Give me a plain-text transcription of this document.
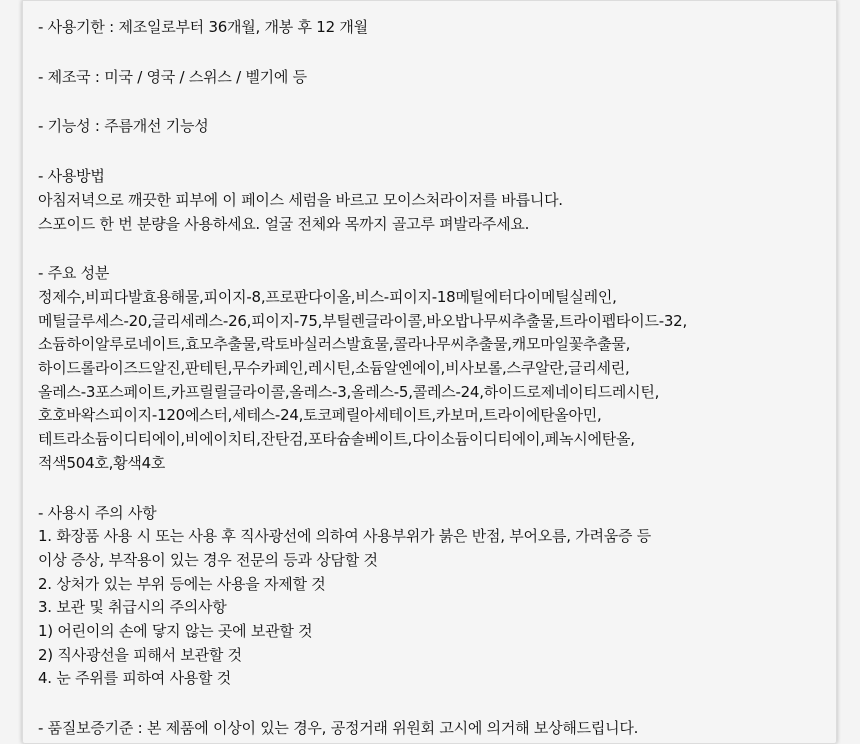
- 사용기한 : 제조일로부터 36개월, 개봉 후 12 개월
- 제조국 : 미국 / 영국 / 스위스 / 벨기에 등
- 기능성 : 주름개선 기능성
- 사용방법
아침저녁으로 깨끗한 피부에 이 페이스 세럼을 바르고 모이스처라이저를 바릅니다.
스포이드 한 번 분량을 사용하세요. 얼굴 전체와 목까지 골고루 펴발라주세요.
- 주요 성분
정제수,비피다발효용해물,피이지-8,프로판다이올,비스-피이지-18메틸에터다이메틸실레인,
메틸글루세스-20,글리세레스-26,피이지-75,부틸렌글라이콜,바오밥나무씨추출물,트라이펩타이드-32,
소듐하이알루로네이트,효모추출물,락토바실러스발효물,콜라나무씨추출물,캐모마일꽃추출물,
하이드롤라이즈드알진,판테틴,무수카페인,레시틴,소듐알엔에이,비사보롤,스쿠알란,글리세린,
올레스-3포스페이트,카프릴릴글라이콜,올레스-3,올레스-5,콜레스-24,하이드로제네이티드레시틴,
호호바왁스피이지-120에스터,세테스-24,토코페릴아세테이트,카보머,트라이에탄올아민,
테트라소듐이디티에이,비에이치티,잔탄검,포타슘솔베이트,다이소듐이디티에이,페녹시에탄올,
적색504호,황색4호
- 사용시 주의 사항
1. 화장품 사용 시 또는 사용 후 직사광선에 의하여 사용부위가 붉은 반점, 부어오름, 가려움증 등
이상 증상, 부작용이 있는 경우 전문의 등과 상담할 것
2. 상처가 있는 부위 등에는 사용을 자제할 것
3. 보관 및 취급시의 주의사항
1) 어린이의 손에 닿지 않는 곳에 보관할 것
2) 직사광선을 피해서 보관할 것
4. 눈 주위를 피하여 사용할 것
- 품질보증기준 : 본 제품에 이상이 있는 경우, 공정거래 위원회 고시에 의거해 보상해드립니다.
